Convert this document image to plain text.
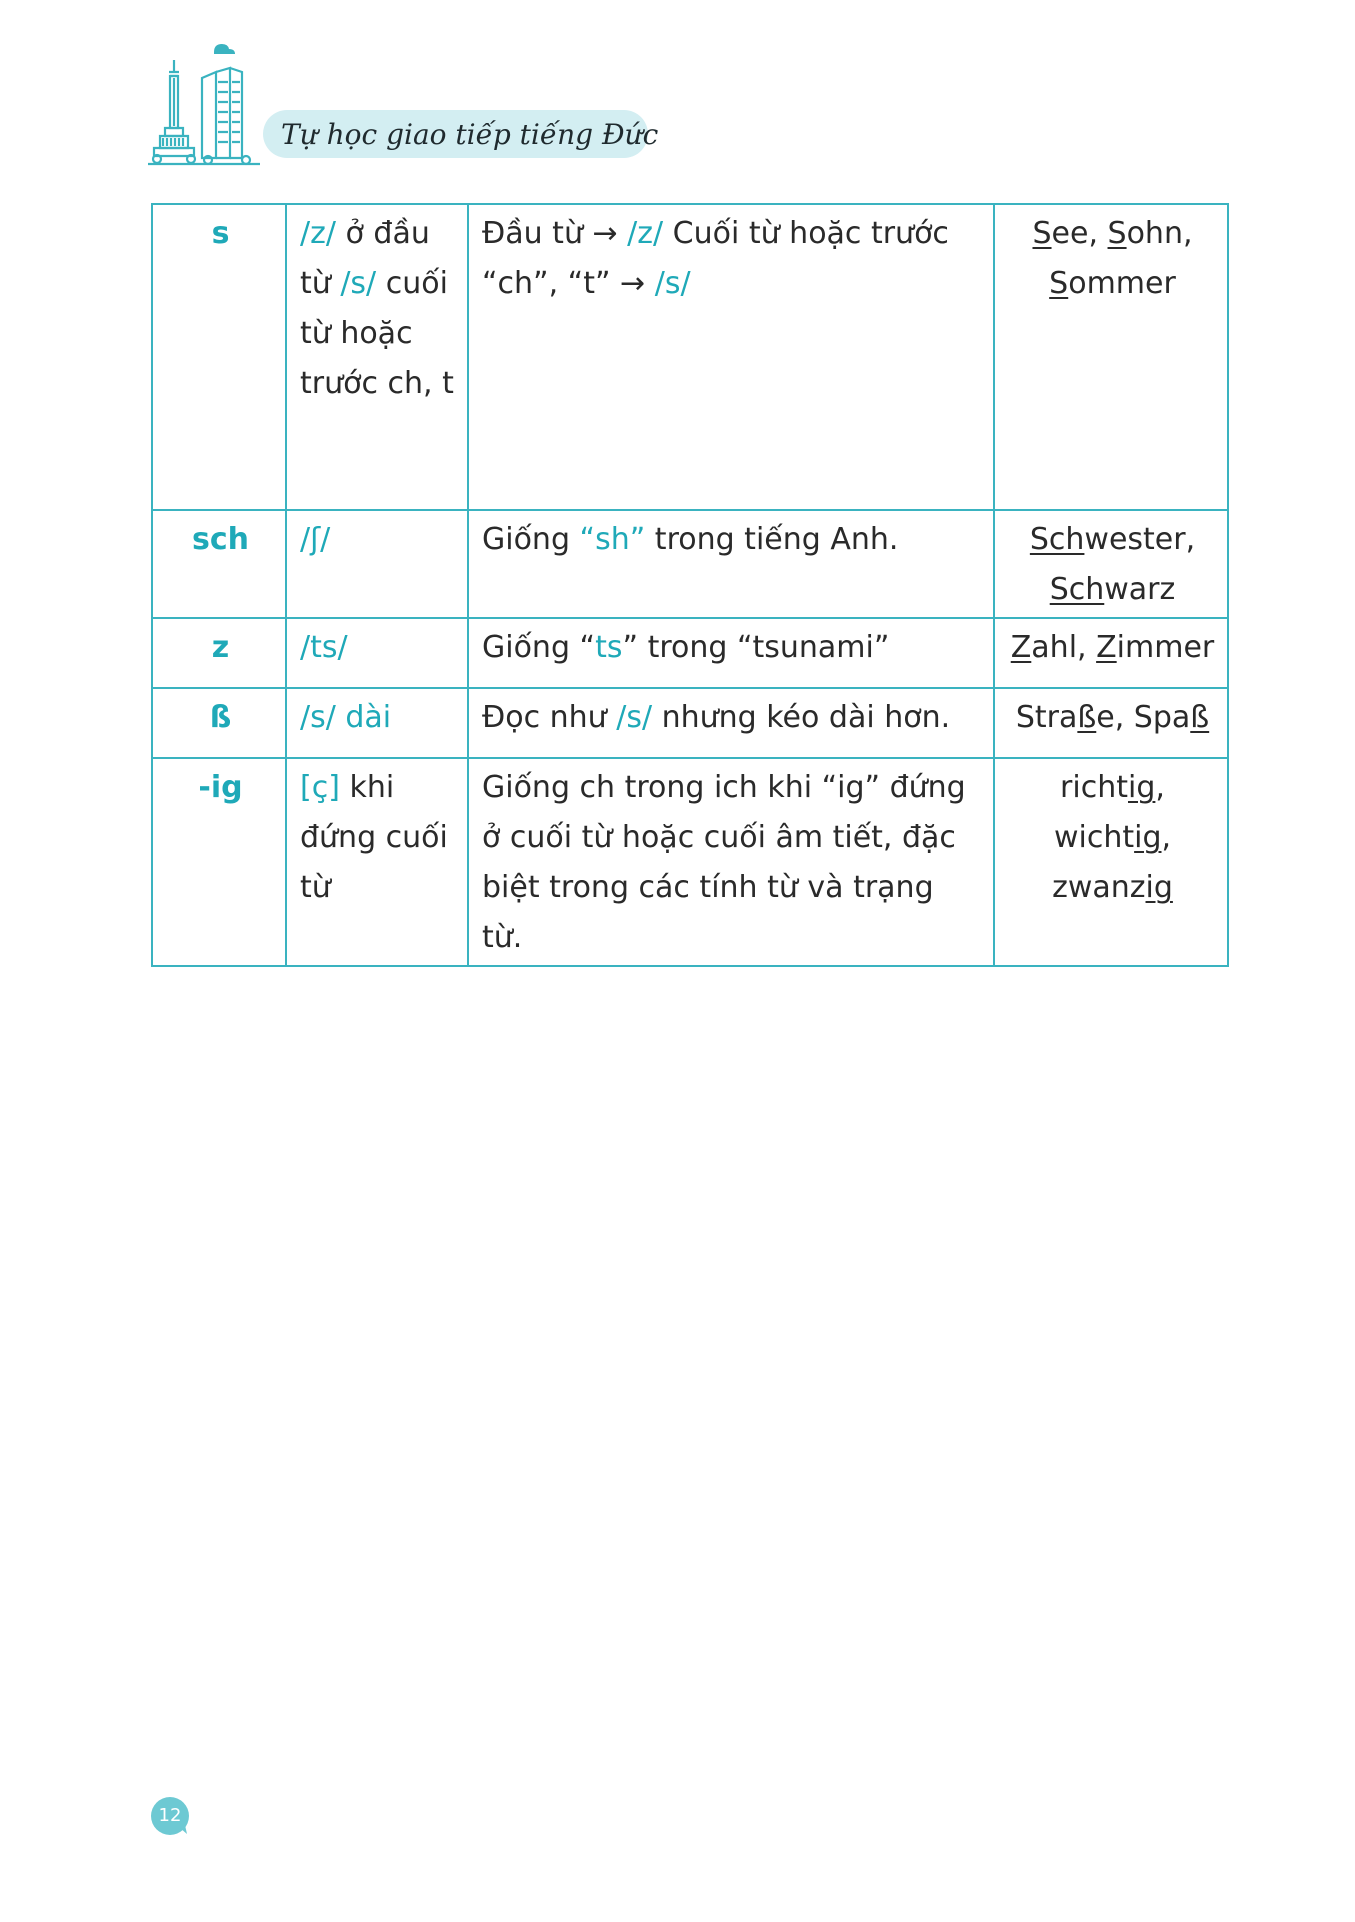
Tự học giao tiếp tiếng Đức
s	/z/ ở đầu từ /s/ cuối từ hoặc trước ch, t	Đầu từ → /z/ Cuối từ hoặc trước “ch”, “t” → /s/	See, Sohn, Sommer
sch	/ʃ/	Giống “sh” trong tiếng Anh.	Schwester, Schwarz
z	/ts/	Giống “ts” trong “tsunami”	Zahl, Zimmer
ß	/s/ dài	Đọc như /s/ nhưng kéo dài hơn.	Straße, Spaß
-ig	[ç] khi đứng cuối từ	Giống ch trong ich khi “ig” đứng ở cuối từ hoặc cuối âm tiết, đặc biệt trong các tính từ và trạng từ.	richtig, wichtig, zwanzig
12
